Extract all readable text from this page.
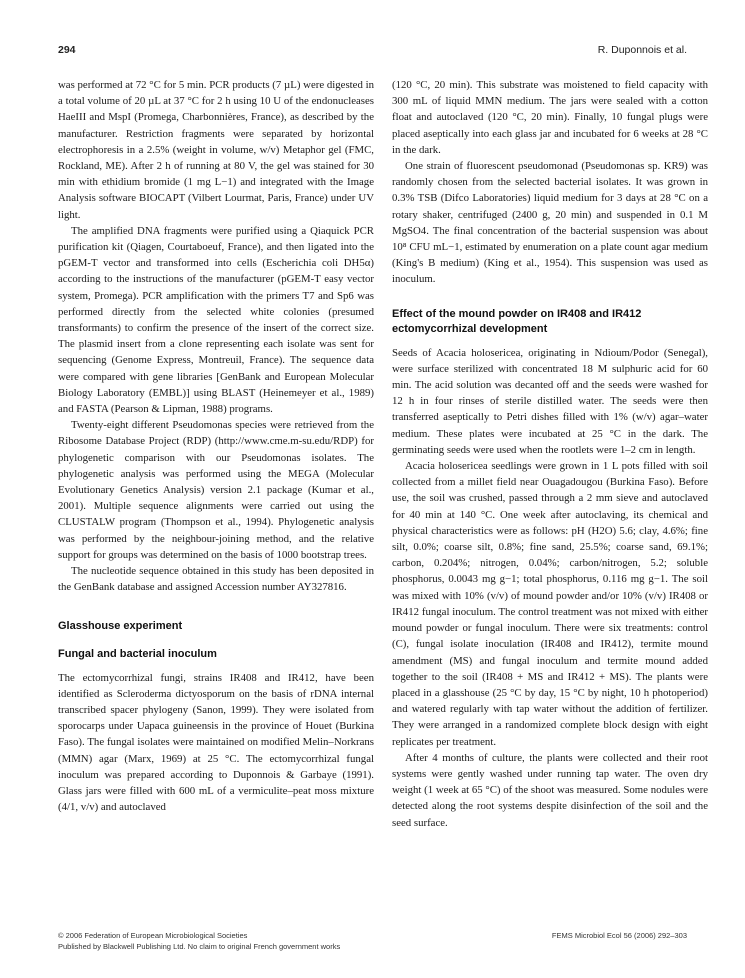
294	R. Duponnois et al.

was performed at 72 °C for 5 min. PCR products (7 µL) were digested in a total volume of 20 µL at 37 °C for 2 h using 10 U of the endonucleases HaeIII and MspI (Promega, Charbonnières, France), as described by the manufacturer. Restriction fragments were separated by horizontal electrophoresis in a 2.5% (weight in volume, w/v) Metaphor gel (FMC, Rockland, ME). After 2 h of running at 80 V, the gel was stained for 30 min with ethidium bromide (1 mg L−1) and integrated with the Image Analysis software BIOCAPT (Vilbert Lourmat, Paris, France) under UV light.

The amplified DNA fragments were purified using a Qiaquick PCR purification kit (Qiagen, Courtaboeuf, France), and then ligated into the pGEM-T vector and transformed into cells (Escherichia coli DH5α) according to the instructions of the manufacturer (pGEM-T easy vector system, Promega). PCR amplification with the primers T7 and Sp6 was performed directly from the selected white colonies (presumed transformants) to confirm the presence of the insert of the correct size. The plasmid insert from a clone representing each isolate was sent for sequencing (Genome Express, Montreuil, France). The sequence data were compared with gene libraries [GenBank and European Molecular Biology Laboratory (EMBL)] using BLAST (Heinemeyer et al., 1989) and FASTA (Pearson & Lipman, 1988) programs.

Twenty-eight different Pseudomonas species were retrieved from the Ribosome Database Project (RDP) (http://www.cme.m-su.edu/RDP) for phylogenetic comparison with our Pseudomonas isolates. The phylogenetic analysis was performed using the MEGA (Molecular Evolutionary Genetics Analysis) version 2.1 package (Kumar et al., 2001). Multiple sequence alignments were carried out using the CLUSTALW program (Thompson et al., 1994). Phylogenetic analysis was performed by the neighbour-joining method, and the relative support for groups was determined on the basis of 1000 bootstrap trees.

The nucleotide sequence obtained in this study has been deposited in the GenBank database and assigned Accession number AY327816.

Glasshouse experiment
Fungal and bacterial inoculum

The ectomycorrhizal fungi, strains IR408 and IR412, have been identified as Scleroderma dictyosporum on the basis of rDNA internal transcribed spacer phylogeny (Sanon, 1999). They were isolated from sporocarps under Uapaca guineensis in the province of Houet (Burkina Faso). The fungal isolates were maintained on modified Melin–Norkrans (MMN) agar (Marx, 1969) at 25 °C. The ectomycorrhizal fungal inoculum was prepared according to Duponnois & Garbaye (1991). Glass jars were filled with 600 mL of a vermiculite–peat moss mixture (4/1, v/v) and autoclaved

(120 °C, 20 min). This substrate was moistened to field capacity with 300 mL of liquid MMN medium. The jars were sealed with a cotton float and autoclaved (120 °C, 20 min). Finally, 10 fungal plugs were placed aseptically into each glass jar and incubated for 6 weeks at 28 °C in the dark.

One strain of fluorescent pseudomonad (Pseudomonas sp. KR9) was randomly chosen from the selected bacterial isolates. It was grown in 0.3% TSB (Difco Laboratories) liquid medium for 3 days at 28 °C on a rotary shaker, centrifuged (2400 g, 20 min) and suspended in 0.1 M MgSO4. The final concentration of the bacterial suspension was about 10⁸ CFU mL−1, estimated by enumeration on a plate count agar medium (King's B medium) (King et al., 1954). This suspension was used as inoculum.

Effect of the mound powder on IR408 and IR412 ectomycorrhizal development

Seeds of Acacia holosericea, originating in Ndioum/Podor (Senegal), were surface sterilized with concentrated 18 M sulphuric acid for 60 min. The acid solution was decanted off and the seeds were washed for 12 h in four rinses of sterile distilled water. The seeds were then transferred aseptically to Petri dishes filled with 1% (w/v) agar–water medium. These plates were incubated at 25 °C in the dark. The germinating seeds were used when the rootlets were 1–2 cm in length.

Acacia holosericea seedlings were grown in 1 L pots filled with soil collected from a millet field near Ouagadougou (Burkina Faso). Before use, the soil was crushed, passed through a 2 mm sieve and autoclaved for 40 min at 140 °C. One week after autoclaving, its chemical and physical characteristics were as follows: pH (H2O) 5.6; clay, 4.6%; fine silt, 0.0%; coarse silt, 0.8%; fine sand, 25.5%; coarse sand, 69.1%; carbon, 0.204%; nitrogen, 0.04%; carbon/nitrogen, 5.2; soluble phosphorus, 0.0043 mg g−1; total phosphorus, 0.116 mg g−1. The soil was mixed with 10% (v/v) of mound powder and/or 10% (v/v) IR408 or IR412 fungal inoculum. The control treatment was not mixed with either mound powder or fungal inoculum. There were six treatments: control (C), fungal isolate inoculation (IR408 and IR412), termite mound amendment (MS) and fungal inoculum and termite mound added together to the soil (IR408 + MS and IR412 + MS). The plants were placed in a glasshouse (25 °C by day, 15 °C by night, 10 h photoperiod) and watered regularly with tap water without the addition of fertilizer. They were arranged in a randomized complete block design with eight replicates per treatment.

After 4 months of culture, the plants were collected and their root systems were gently washed under running tap water. The oven dry weight (1 week at 65 °C) of the shoot was measured. Some nodules were detected along the root systems despite disinfection of the soil and the seed surface.

© 2006 Federation of European Microbiological Societies
Published by Blackwell Publishing Ltd. No claim to original French government works
FEMS Microbiol Ecol 56 (2006) 292–303
